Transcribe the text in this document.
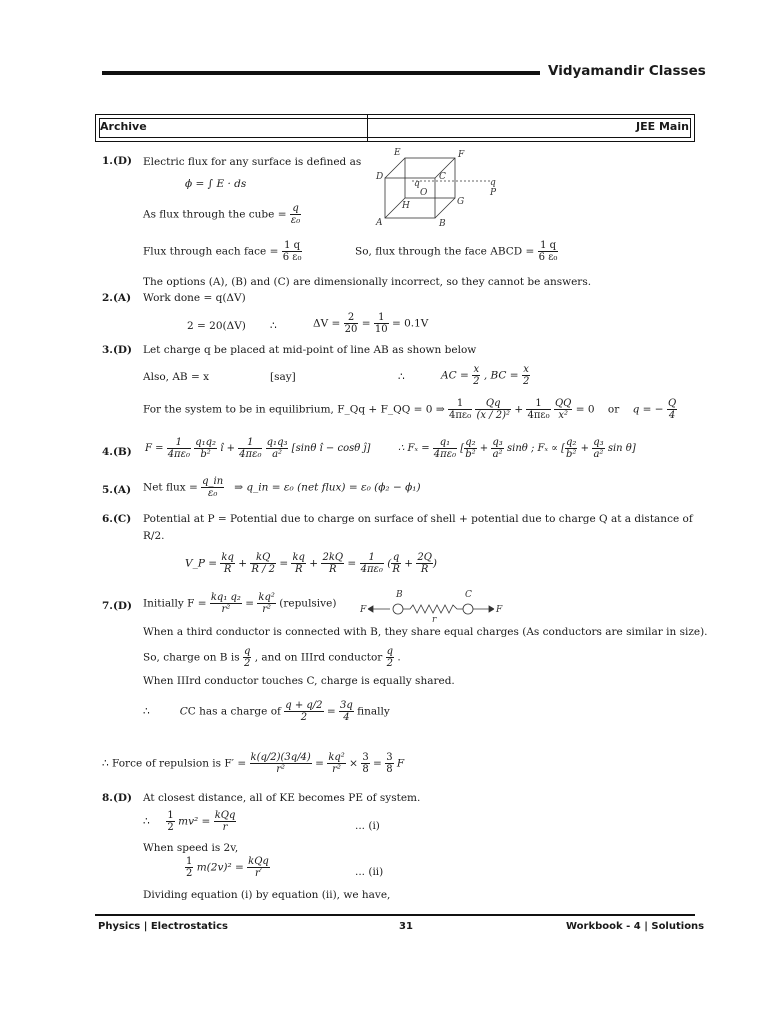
Vidyamandir Classes
Archive	JEE Main
E	F
D	C
q	q
O	P
H	G
A	B
1.(D) Electric flux for any surface is defined as
ϕ = ∫ E · ds
As flux through the cube = $\frac{q}{\text{ε₀}}$
Flux through each face = $\frac{1 q}{\text{6 ε₀}}$	So, flux through the face ABCD = $\frac{1 q}{\text{6 ε₀}}$
The options (A), (B) and (C) are dimensionally incorrect, so they cannot be answers.
2.(A) Work done = q(ΔV)
2 = 20(ΔV) ∴	$\Delta V = \frac{2}{20} = \frac{1}{10} = 0.1V$
3.(D) Let charge q be placed at mid-point of line AB as shown below
Also, AB = x	[say]	∴	AC = $\frac{x}{2}$ , BC = $\frac{x}{2}$
For the system to be in equilibrium, F_Qq + F_QQ = 0 ⇒ $\frac{1}{\text{4πε₀}}$
$\frac{Qq}{\text{(x / 2)²}} + \frac{1}{\text{4πε₀}}$
$\frac{QQ}{\text{x²}} = 0$ or q = − $\frac{Q}{4}$
4.(B) $F = \frac{1}{\text{4πε₀}}$
$\frac{\text{q₁q₂}}{\text{b²}}$ î + $\frac{1}{\text{4πε₀}}$
$\frac{\text{q₁q₃}}{\text{a²}} [\sin\theta$ î − cosθ ĵ]	∴ $F_x = \frac{\text{q₁}}{\text{4πε₀}}$ [ $\frac{\text{q₂}}{\text{b²}} + \frac{\text{q₃}}{\text{a²}}$ sinθ ; Fₓ ∝ [ $\frac{\text{q₂}}{\text{b²}} + \frac{\text{q₃}}{\text{a²}}$ sin θ]
5.(A) Net flux = $\frac{q\_in}{\text{ε₀}}$ ⇒ q_in = ε₀ (net flux) = ε₀ (ϕ₂ − ϕ₁)
6.(C) Potential at P = Potential due to charge on surface of shell + potential due to charge Q at a distance of
R/2.
V_P = $\frac{kq}{R} + \frac{kQ}{R / 2} = \frac{kq}{R} + \frac{2kQ}{R} = \frac{1}{\text{4πε₀}}$ ( $\frac{q}{R} + \frac{2Q}{R}$ )
7.(D) Initially $F = \frac{\text{kq₁ q₂}}{\text{r²}} = \frac{\text{kq²}}{\text{r²}}$ (repulsive)
F
B	C
F
r
When a third conductor is connected with B, they share equal charges (As conductors are similar in size).
So, charge on B is $\frac{q}{2}$ , and on IIIrd conductor $\frac{q}{2}$ .
When IIIrd conductor touches C, charge is equally shared.
∴	CC has a charge of $\frac{q + q/2}{2} = \frac{3q}{4}$ finally
∴ Force of repulsion is $F' = \frac{k(q/2)(3q/4)}{\text{r²}} = \frac{\text{kq²}}{\text{r²}} \times \frac{3}{8} = \frac{3}{8}$ F
8.(D) At closest distance, all of KE becomes PE of system.
∴ $\frac{1}{2} mv^2 = \frac{\text{kQq}}{r}$	... (i)
When speed is 2v,
$\frac{1}{2} m(2v)^2 = \frac{\text{kQq}}{r'}$	... (ii)
Dividing equation (i) by equation (ii), we have,
Physics | Electrostatics	31	Workbook - 4 | Solutions
